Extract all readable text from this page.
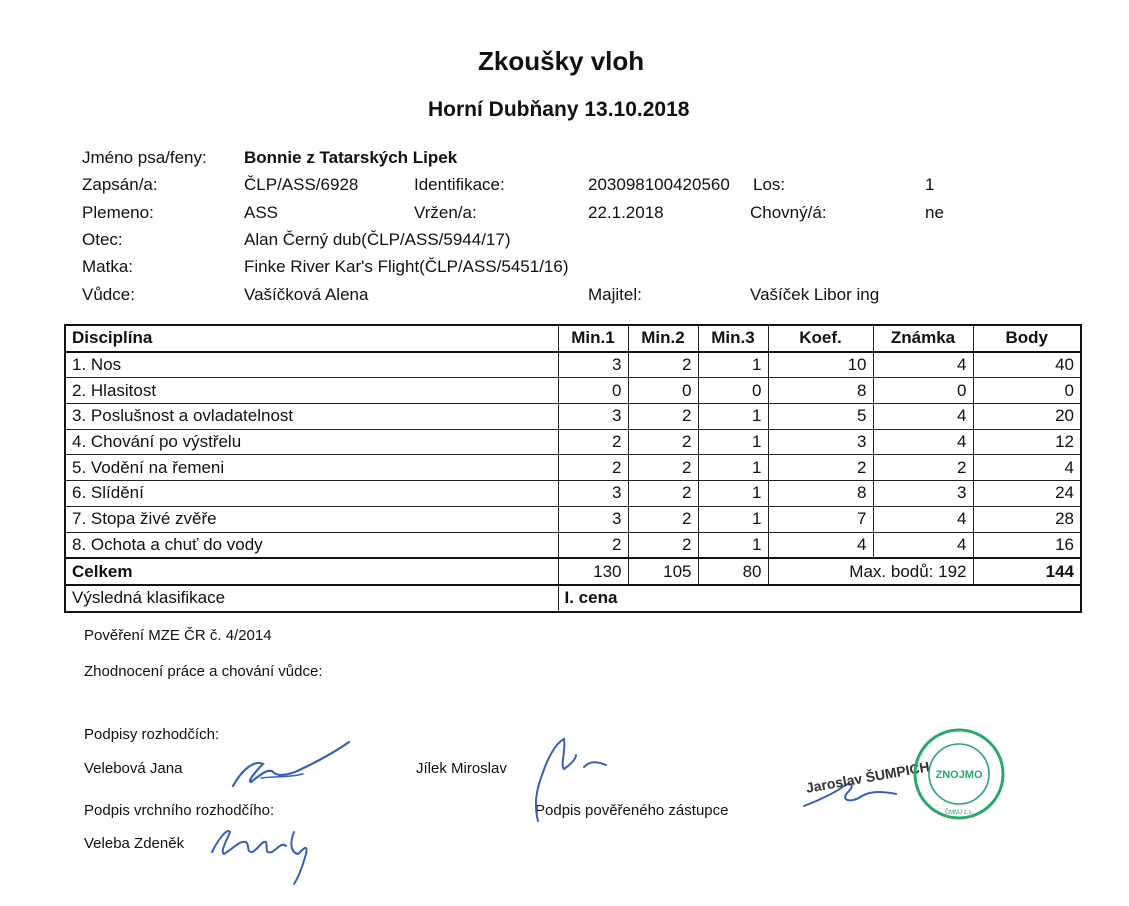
Zkoušky vloh
Horní Dubňany 13.10.2018
Jméno psa/feny: Bonnie z Tatarských Lipek
Zapsán/a:	ČLP/ASS/6928	Identifikace:	203098100420560 Los:	1
Plemeno:	ASS	Vržen/a:	22.1.2018	Chovný/á:	ne
Otec:	Alan Černý dub(ČLP/ASS/5944/17)
Matka:	Finke River Kar's Flight(ČLP/ASS/5451/16)
Vůdce:	Vašíčková Alena	Majitel:	Vašíček Libor ing
Disciplína	Min.1	Min.2	Min.3	Koef.	Známka	Body
1. Nos	3	2	1	10	4	40
2. Hlasitost	0	0	0	8	0	0
3. Poslušnost a ovladatelnost	3	2	1	5	4	20
4. Chování po výstřelu	2	2	1	3	4	12
5. Vodění na řemeni	2	2	1	2	2	4
6. Slídění	3	2	1	8	3	24
7. Stopa živé zvěře	3	2	1	7	4	28
8. Ochota a chuť do vody	2	2	1	4	4	16
Celkem	130	105	80	Max. bodů: 192		144
Výsledná klasifikace	I. cena					
Pověření MZE ČR č. 4/2014
Zhodnocení práce a chování vůdce:
Podpisy rozhodčích:
Velebová Jana	Jílek Miroslav
Podpis vrchního rozhodčího:	Podpis pověřeného zástupce
Veleba Zdeněk
Jaroslav ŠUMPICH ZNOJMO
ČMMJ z.s.
